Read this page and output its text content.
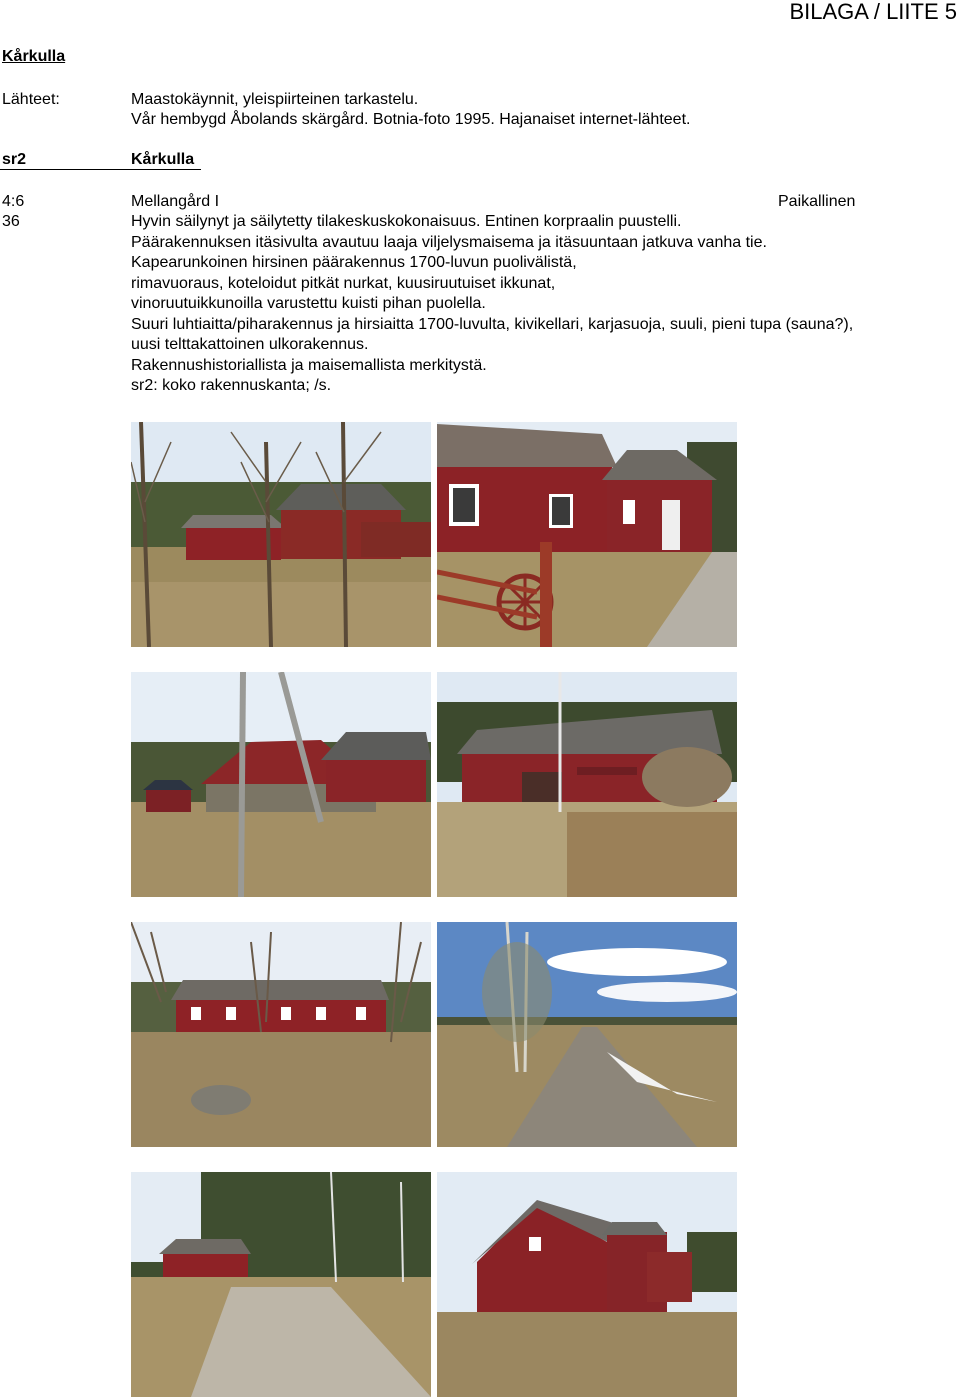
BILAGA / LIITE 5
Kårkulla
Lähteet:	Maastokäynnit, yleispiirteinen tarkastelu.
Vår hembygd Åbolands skärgård. Botnia-foto 1995. Hajanaiset internet-lähteet.
sr2	Kårkulla
4:6	Mellangård I	Paikallinen
36	Hyvin säilynyt ja säilytetty tilakeskuskokonaisuus. Entinen korpraalin puustelli.
Päärakennuksen itäsivulta avautuu laaja viljelysmaisema ja itäsuuntaan jatkuva vanha tie.
Kapearunkoinen hirsinen päärakennus 1700-luvun puolivälistä,
rimavuoraus, koteloidut pitkät nurkat, kuusiruutuiset ikkunat,
vinoruutuikkunoilla varustettu kuisti pihan puolella.
Suuri luhtiaitta/piharakennus ja hirsiaitta 1700-luvulta, kivikellari, karjasuoja, suuli, pieni tupa (sauna?),
uusi telttakattoinen ulkorakennus.
Rakennushistoriallista ja maisemallista merkitystä.
sr2: koko rakennuskanta; /s.
